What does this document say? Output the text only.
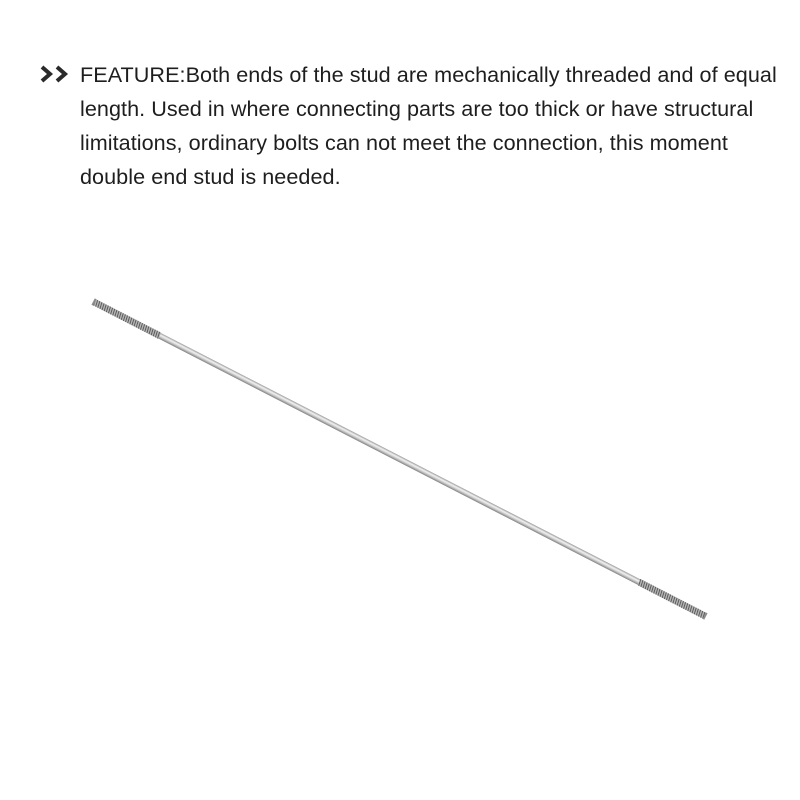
FEATURE:Both ends of the stud are mechanically threaded and of equal length. Used in where connecting parts are too thick or have structural limitations, ordinary bolts can not meet the connection, this moment double end stud is needed.
